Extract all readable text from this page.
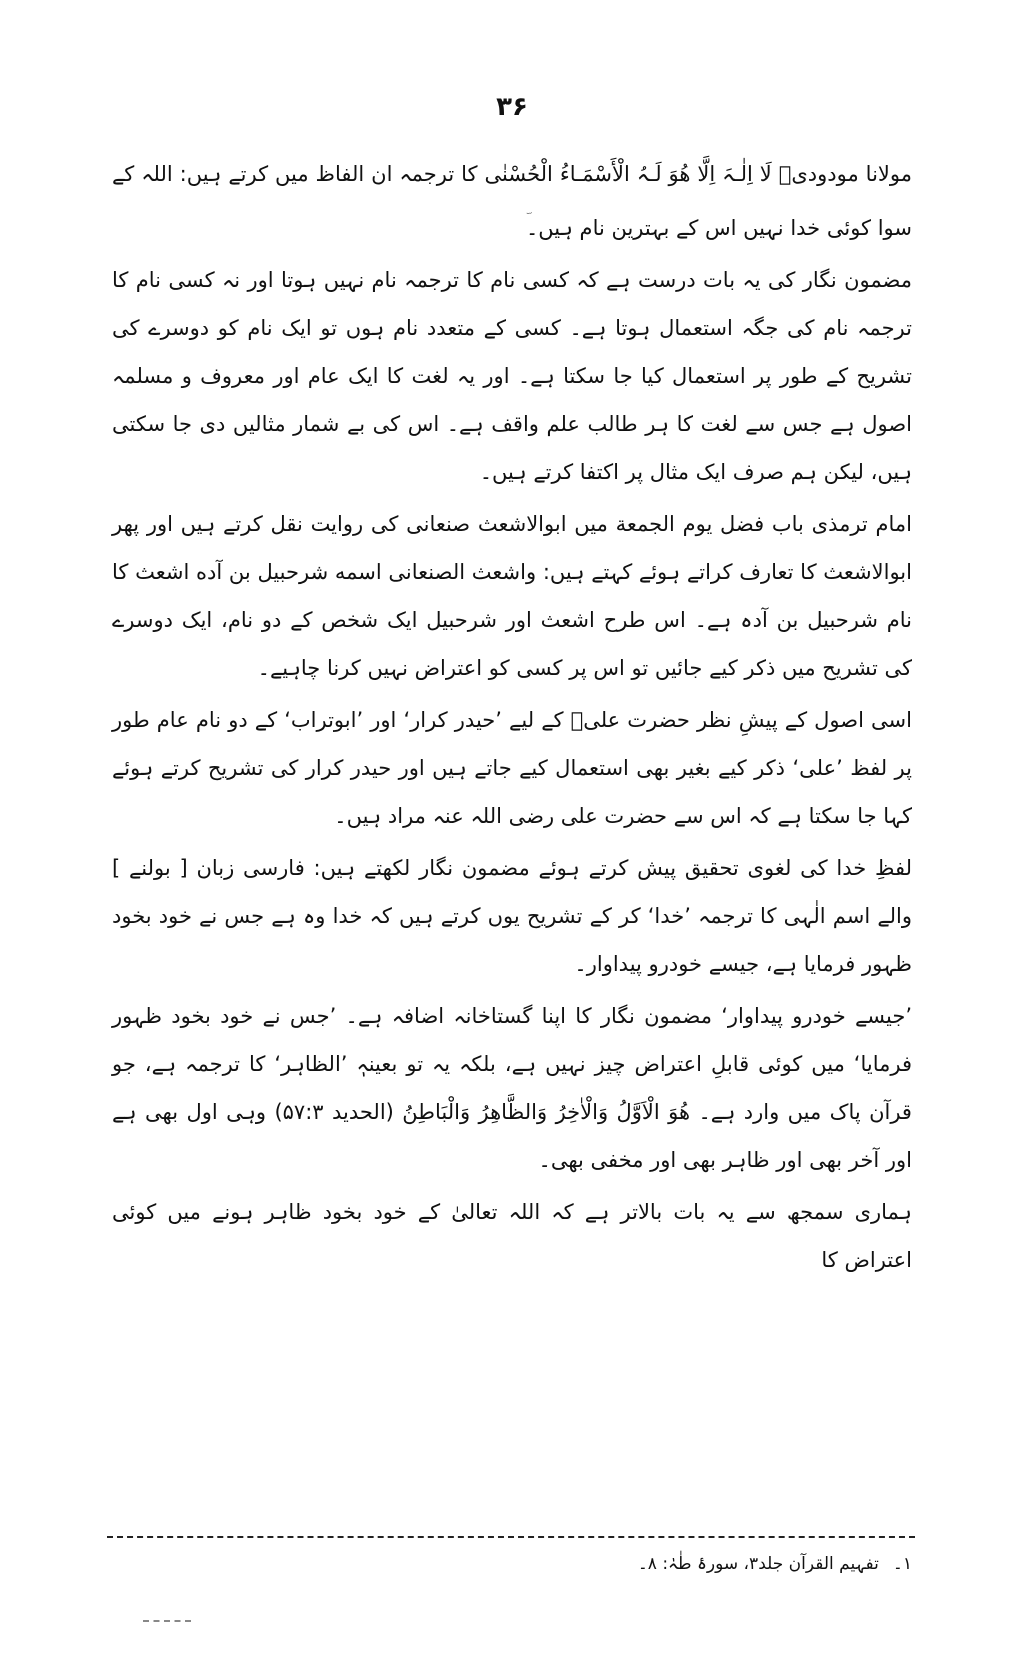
۳۶

مولانا مودودیؒ لَا اِلٰـہَ اِلَّا ھُوَ لَـہُ الْأَسْمَـاءُ الْحُسْنٰی کا ترجمہ ان الفاظ میں کرتے ہیں: اللہ کے سوا کوئی خدا نہیں اس کے بہترین نام ہیں۔

مضمون نگار کی یہ بات درست ہے کہ کسی نام کا ترجمہ نام نہیں ہوتا اور نہ کسی نام کا ترجمہ نام کی جگہ استعمال ہوتا ہے۔ کسی کے متعدد نام ہوں تو ایک نام کو دوسرے کی تشریح کے طور پر استعمال کیا جا سکتا ہے۔ اور یہ لغت کا ایک عام اور معروف و مسلمہ اصول ہے جس سے لغت کا ہر طالب علم واقف ہے۔ اس کی بے شمار مثالیں دی جا سکتی ہیں، لیکن ہم صرف ایک مثال پر اکتفا کرتے ہیں۔

امام ترمذی باب فضل یوم الجمعة میں ابوالاشعث صنعانی کی روایت نقل کرتے ہیں اور پھر ابوالاشعث کا تعارف کراتے ہوئے کہتے ہیں: واشعث الصنعانی اسمه شرحبیل بن آده اشعث کا نام شرحبیل بن آدہ ہے۔ اس طرح اشعث اور شرحبیل ایک شخص کے دو نام، ایک دوسرے کی تشریح میں ذکر کیے جائیں تو اس پر کسی کو اعتراض نہیں کرنا چاہیے۔

اسی اصول کے پیشِ نظر حضرت علیؓ کے لیے ’حیدر کرار‘ اور ’ابوتراب‘ کے دو نام عام طور پر لفظ ’علی‘ ذکر کیے بغیر بھی استعمال کیے جاتے ہیں اور حیدر کرار کی تشریح کرتے ہوئے کہا جا سکتا ہے کہ اس سے حضرت علی رضی اللہ عنہ مراد ہیں۔

لفظِ خدا کی لغوی تحقیق پیش کرتے ہوئے مضمون نگار لکھتے ہیں: فارسی زبان [ بولنے ] والے اسم الٰہی کا ترجمہ ’خدا‘ کر کے تشریح یوں کرتے ہیں کہ خدا وہ ہے جس نے خود بخود ظہور فرمایا ہے، جیسے خودرو پیداوار۔

’جیسے خودرو پیداوار‘ مضمون نگار کا اپنا گستاخانہ اضافہ ہے۔ ’جس نے خود بخود ظہور فرمایا‘ میں کوئی قابلِ اعتراض چیز نہیں ہے، بلکہ یہ تو بعینہٖ ’الظاہر‘ کا ترجمہ ہے، جو قرآن پاک میں وارد ہے۔ ھُوَ الْاَوَّلُ وَالْاٰخِرُ وَالظَّاهِرُ وَالْبَاطِنُ (الحدید ۵۷:۳) وہی اول بھی ہے اور آخر بھی اور ظاہر بھی اور مخفی بھی۔

ہماری سمجھ سے یہ بات بالاتر ہے کہ اللہ تعالیٰ کے خود بخود ظاہر ہونے میں کوئی اعتراض کا

۱۔تفہیم القرآن جلد۳، سورۂ طٰہٰ: ۸۔
